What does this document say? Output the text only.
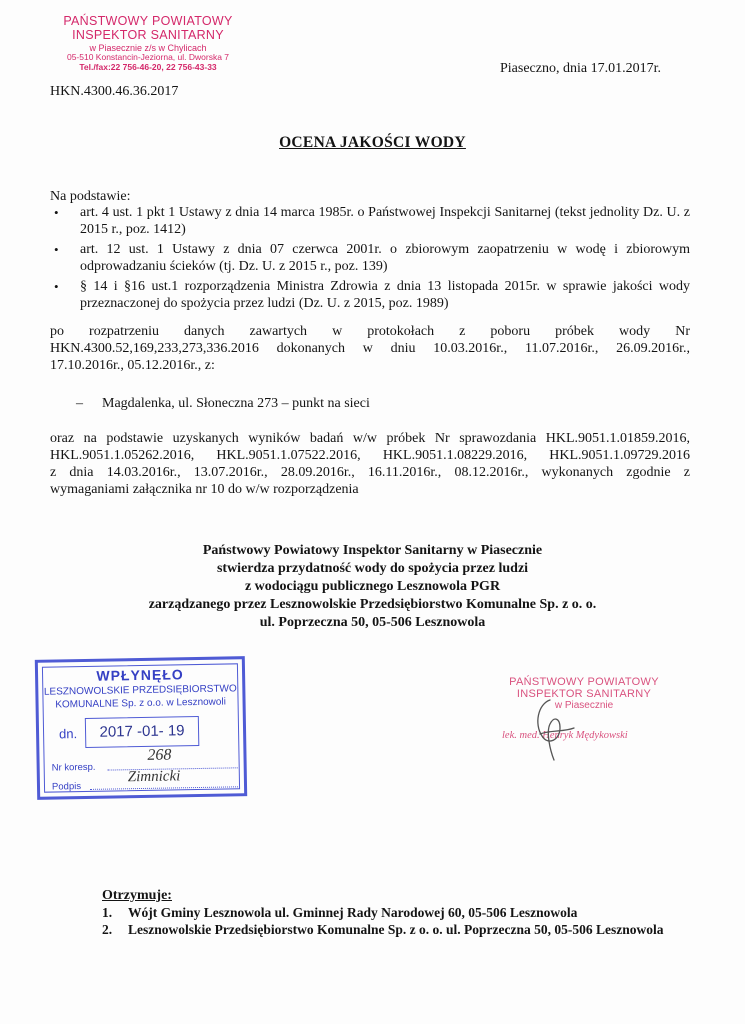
PAŃSTWOWY POWIATOWY
INSPEKTOR SANITARNY
w Piasecznie z/s w Chylicach
05-510 Konstancin-Jeziorna, ul. Dworska 7
Tel./fax:22 756-46-20, 22 756-43-33	Piaseczno, dnia 17.01.2017r.
HKN.4300.46.36.2017
OCENA JAKOŚCI WODY
Na podstawie:
• art. 4 ust. 1 pkt 1 Ustawy z dnia 14 marca 1985r. o Państwowej Inspekcji Sanitarnej (tekst jednolity Dz. U. z 2015 r., poz. 1412)
• art. 12 ust. 1 Ustawy z dnia 07 czerwca 2001r. o zbiorowym zaopatrzeniu w wodę i zbiorowym odprowadzaniu ścieków (tj. Dz. U. z 2015 r., poz. 139)
• § 14 i §16 ust.1 rozporządzenia Ministra Zdrowia z dnia 13 listopada 2015r. w sprawie jakości wody przeznaczonej do spożycia przez ludzi (Dz. U. z 2015, poz. 1989)
po rozpatrzeniu danych zawartych w protokołach z poboru próbek wody Nr
HKN.4300.52,169,233,273,336.2016 dokonanych w dniu 10.03.2016r., 11.07.2016r., 26.09.2016r.,
17.10.2016r., 05.12.2016r., z:
– Magdalenka, ul. Słoneczna 273 – punkt na sieci
oraz na podstawie uzyskanych wyników badań w/w próbek Nr sprawozdania HKL.9051.1.01859.2016,
HKL.9051.1.05262.2016, HKL.9051.1.07522.2016, HKL.9051.1.08229.2016, HKL.9051.1.09729.2016
z dnia 14.03.2016r., 13.07.2016r., 28.09.2016r., 16.11.2016r., 08.12.2016r., wykonanych zgodnie z
wymaganiami załącznika nr 10 do w/w rozporządzenia
Państwowy Powiatowy Inspektor Sanitarny w Piasecznie
stwierdza przydatność wody do spożycia przez ludzi
z wodociągu publicznego Lesznowola PGR
zarządzanego przez Lesznowolskie Przedsiębiorstwo Komunalne Sp. z o. o.
ul. Poprzeczna 50, 05-506 Lesznowola
WPŁYNĘŁO
LESZNOWOLSKIE PRZEDSIĘBIORSTWO
KOMUNALNE Sp. z o.o. w Lesznowoli
dn.	2017 -01- 19
Nr koresp.
268
Podpis
Zimnicki
PAŃSTWOWY POWIATOWY
INSPEKTOR SANITARNY
w Piasecznie
lek. med. Henryk Mędykowski
Otrzymuje:
1. Wójt Gminy Lesznowola ul. Gminnej Rady Narodowej 60, 05-506 Lesznowola
2. Lesznowolskie Przedsiębiorstwo Komunalne Sp. z o. o. ul. Poprzeczna 50, 05-506 Lesznowola
